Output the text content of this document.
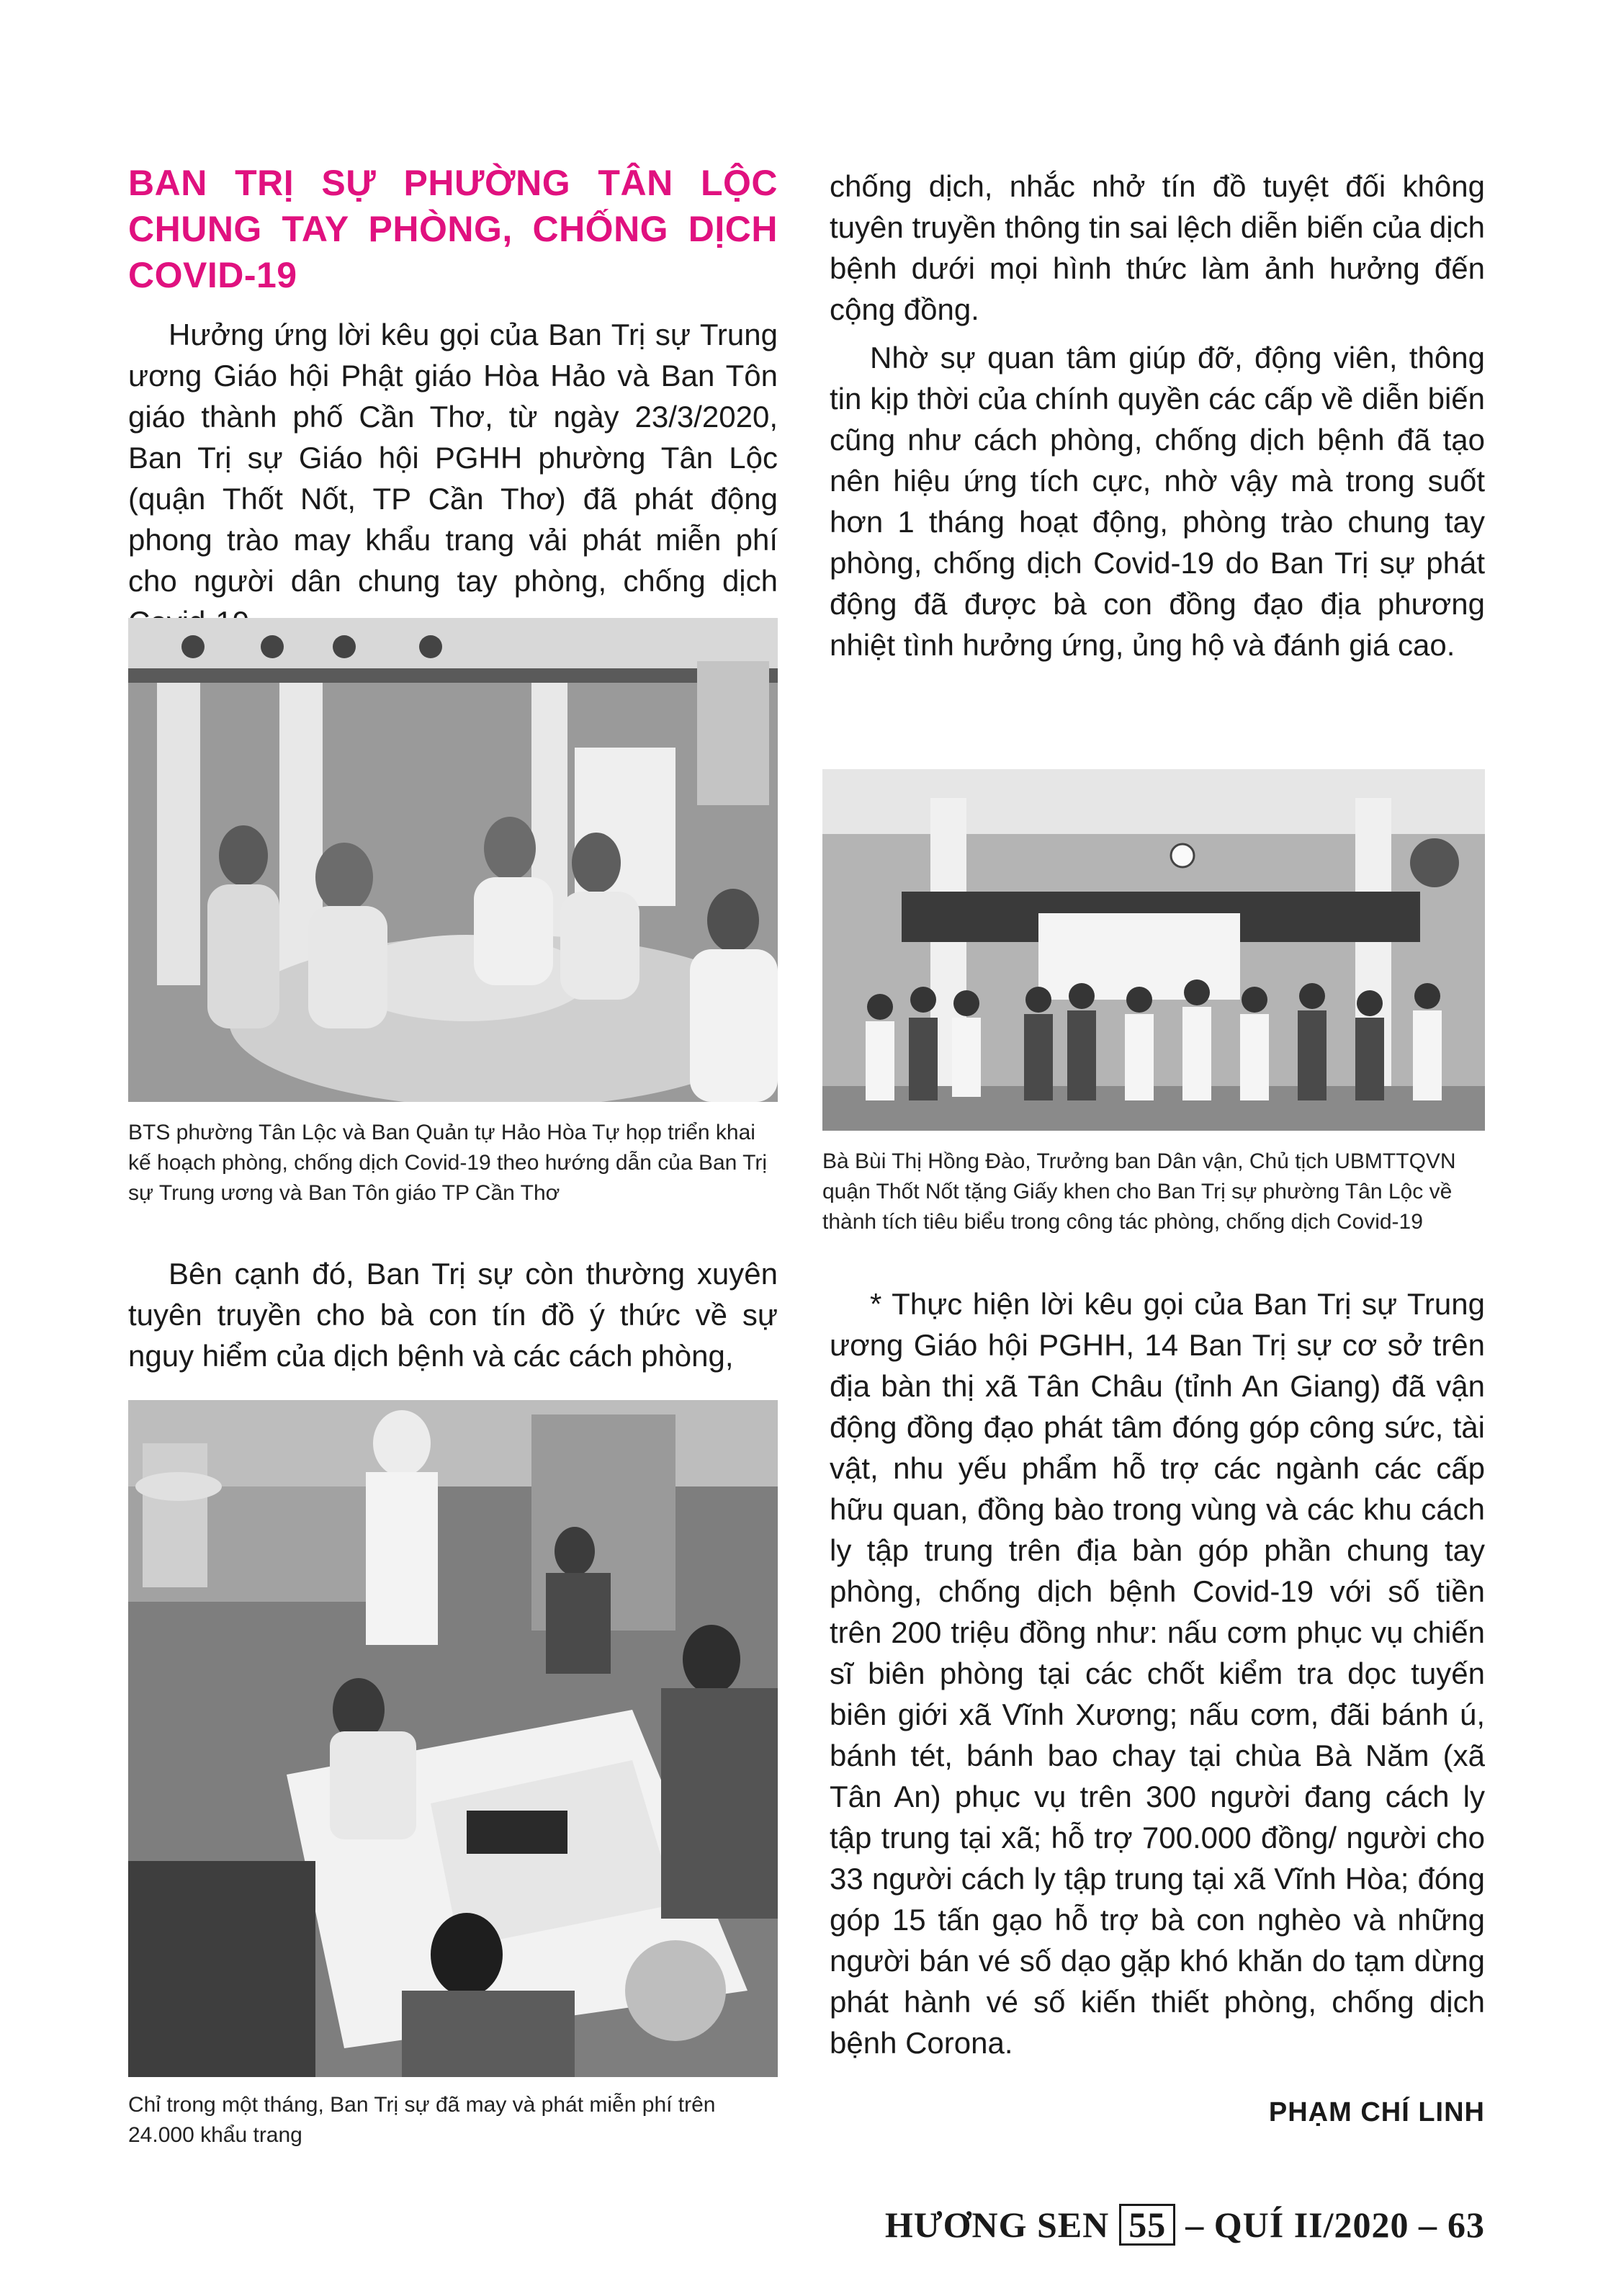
BAN TRỊ SỰ PHƯỜNG TÂN LỘC CHUNG TAY PHÒNG, CHỐNG DỊCH COVID-19

Hưởng ứng lời kêu gọi của Ban Trị sự Trung ương Giáo hội Phật giáo Hòa Hảo và Ban Tôn giáo thành phố Cần Thơ, từ ngày 23/3/2020, Ban Trị sự Giáo hội PGHH phường Tân Lộc (quận Thốt Nốt, TP Cần Thơ) đã phát động phong trào may khẩu trang vải phát miễn phí cho người dân chung tay phòng, chống dịch

BTS phường Tân Lộc và Ban Quản tự Hảo Hòa Tự họp triển khai kế hoạch phòng, chống dịch Covid-19 theo hướng dẫn của Ban Trị sự Trung ương và Ban Tôn giáo TP Cần Thơ

Bên cạnh đó, Ban Trị sự còn thường xuyên tuyên truyền cho bà con tín đồ ý thức về sự nguy hiểm của dịch bệnh và các cách phòng,

Chỉ trong một tháng, Ban Trị sự đã may và phát miễn phí trên 24.000 khẩu trang

chống dịch, nhắc nhở tín đồ tuyệt đối không tuyên truyền thông tin sai lệch diễn biến của dịch bệnh dưới mọi hình thức làm ảnh hưởng đến cộng đồng.

Nhờ sự quan tâm giúp đỡ, động viên, thông tin kịp thời của chính quyền các cấp về diễn biến cũng như cách phòng, chống dịch bệnh đã tạo nên hiệu ứng tích cực, nhờ vậy mà trong suốt hơn 1 tháng hoạt động, phòng trào chung tay phòng, chống dịch Covid-19 do Ban Trị sự phát động đã được bà con đồng đạo địa phương nhiệt tình hưởng ứng, ủng hộ và đánh giá cao.

Bà Bùi Thị Hồng Đào, Trưởng ban Dân vận, Chủ tịch UBMTTQVN quận Thốt Nốt tặng Giấy khen cho Ban Trị sự phường Tân Lộc về thành tích tiêu biểu trong công tác phòng, chống dịch Covid-19

* Thực hiện lời kêu gọi của Ban Trị sự Trung ương Giáo hội PGHH, 14 Ban Trị sự cơ sở trên địa bàn thị xã Tân Châu (tỉnh An Giang) đã vận động đồng đạo phát tâm đóng góp công sức, tài vật, nhu yếu phẩm hỗ trợ các ngành các cấp hữu quan, đồng bào trong vùng và các khu cách ly tập trung trên địa bàn góp phần chung tay phòng, chống dịch bệnh Covid-19 với số tiền trên 200 triệu đồng như: nấu cơm phục vụ chiến sĩ biên phòng tại các chốt kiểm tra dọc tuyến biên giới xã Vĩnh Xương; nấu cơm, đãi bánh ú, bánh tét, bánh bao chay tại chùa Bà Năm (xã Tân An) phục vụ trên 300 người đang cách ly tập trung tại xã; hỗ trợ 700.000 đồng/ người cho 33 người cách ly tập trung tại xã Vĩnh Hòa; đóng góp 15 tấn gạo hỗ trợ bà con nghèo và những người bán vé số dạo gặp khó khăn do tạm dừng phát hành vé số kiến thiết phòng, chống dịch bệnh Corona.

PHẠM CHÍ LINH
HƯƠNG SEN 55 – QUÍ II/2020 – 63
